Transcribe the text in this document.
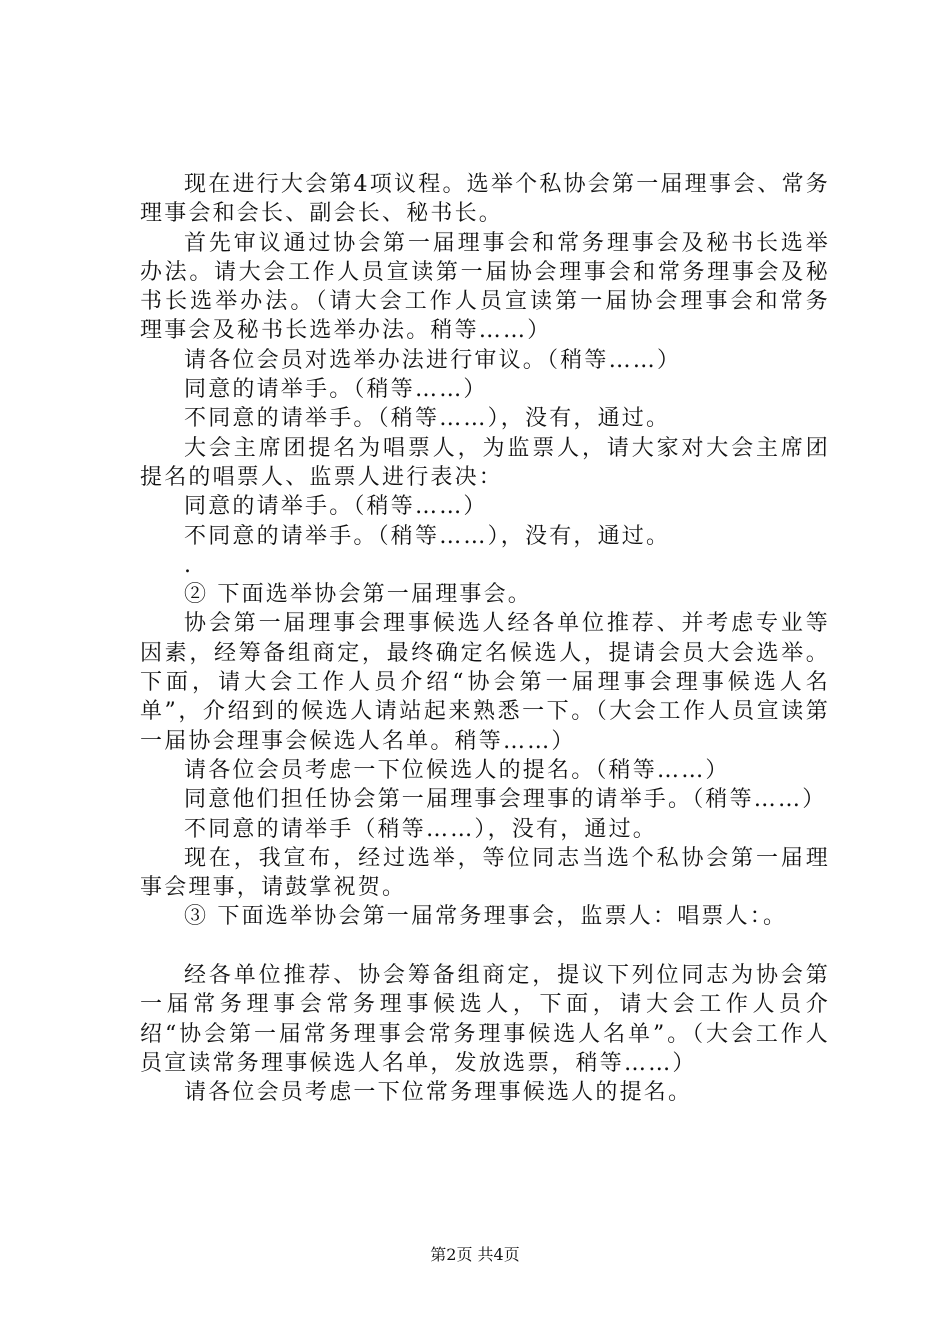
现在进行大会第4项议程。选举个私协会第一届理事会、常务理事会和会长、副会长、秘书长。

首先审议通过协会第一届理事会和常务理事会及秘书长选举办法。请大会工作人员宣读第一届协会理事会和常务理事会及秘书长选举办法。（请大会工作人员宣读第一届协会理事会和常务理事会及秘书长选举办法。稍等……）

请各位会员对选举办法进行审议。（稍等……）

同意的请举手。（稍等……）

不同意的请举手。（稍等……），没有，通过。

大会主席团提名为唱票人，为监票人，请大家对大会主席团提名的唱票人、监票人进行表决：

同意的请举手。（稍等……）

不同意的请举手。（稍等……），没有，通过。

.

② 下面选举协会第一届理事会。

协会第一届理事会理事候选人经各单位推荐、并考虑专业等因素，经筹备组商定，最终确定名候选人，提请会员大会选举。下面，请大会工作人员介绍“协会第一届理事会理事候选人名单”，介绍到的候选人请站起来熟悉一下。（大会工作人员宣读第一届协会理事会候选人名单。稍等……）

请各位会员考虑一下位候选人的提名。（稍等……）

同意他们担任协会第一届理事会理事的请举手。（稍等……）

不同意的请举手（稍等……），没有，通过。

现在，我宣布，经过选举，等位同志当选个私协会第一届理事会理事，请鼓掌祝贺。

③ 下面选举协会第一届常务理事会，监票人：唱票人：。

经各单位推荐、协会筹备组商定，提议下列位同志为协会第一届常务理事会常务理事候选人，下面，请大会工作人员介绍“协会第一届常务理事会常务理事候选人名单”。（大会工作人员宣读常务理事候选人名单，发放选票，稍等……）

请各位会员考虑一下位常务理事候选人的提名。

第2页 共4页
